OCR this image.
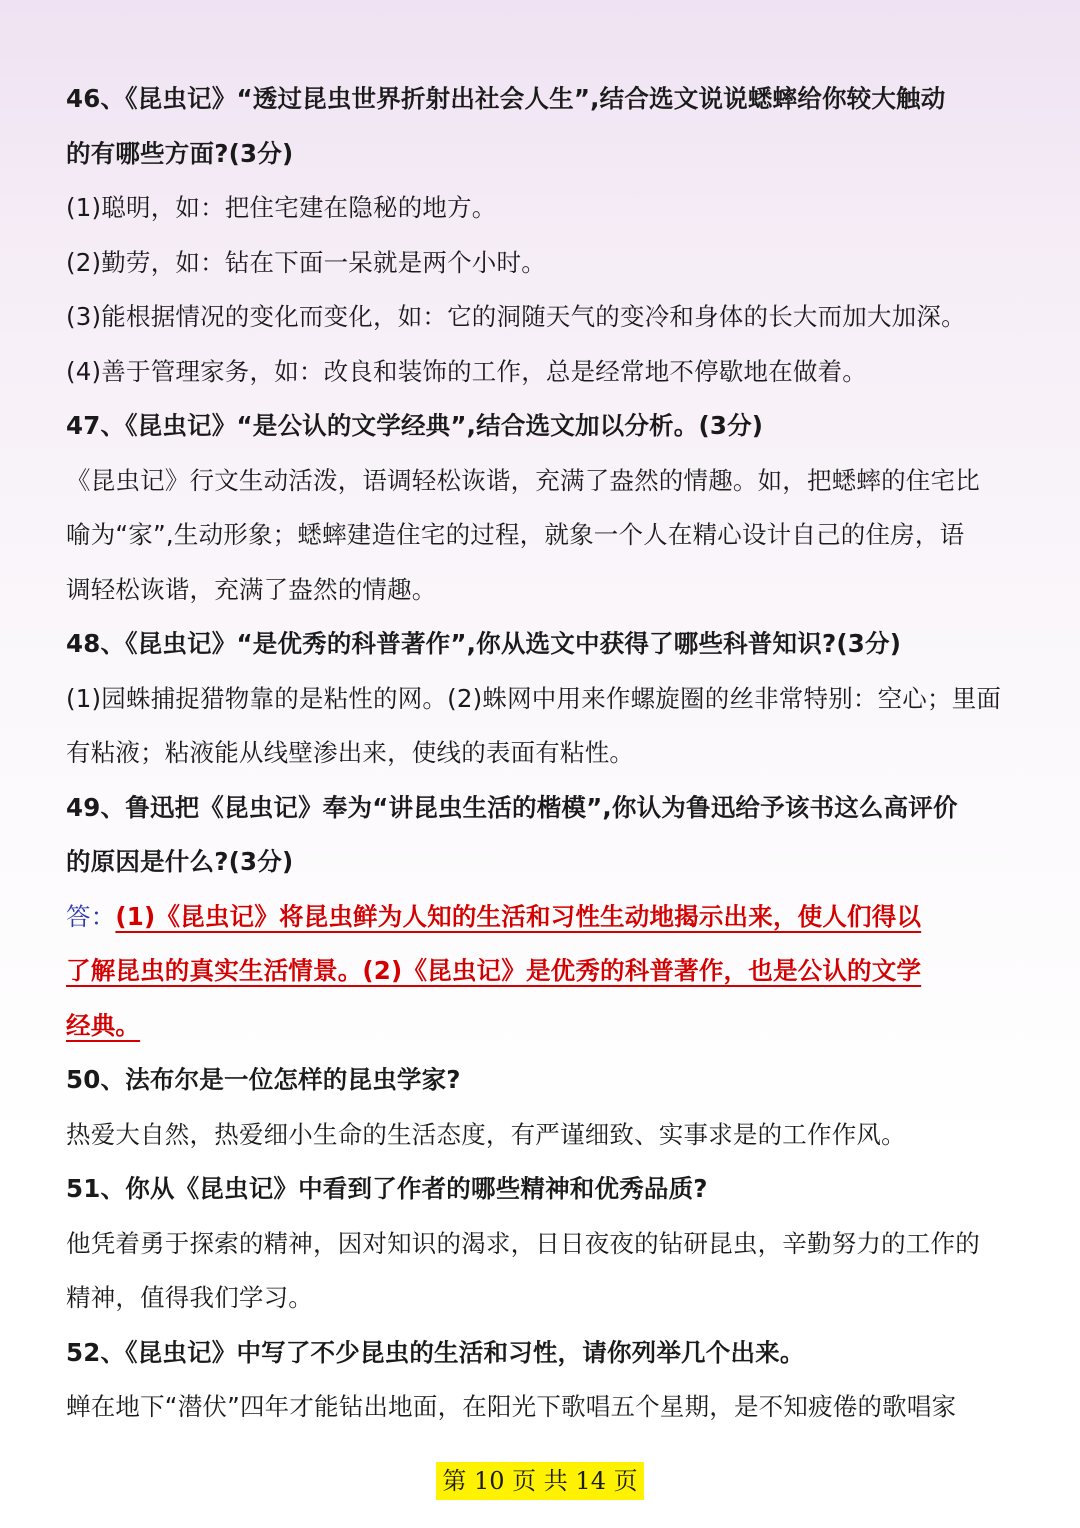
46、《昆虫记》“透过昆虫世界折射出社会人生”,结合选文说说蟋蟀给你较大触动
的有哪些方面?(3分)
(1)聪明，如：把住宅建在隐秘的地方。
(2)勤劳，如：钻在下面一呆就是两个小时。
(3)能根据情况的变化而变化，如：它的洞随天气的变冷和身体的长大而加大加深。
(4)善于管理家务，如：改良和装饰的工作，总是经常地不停歇地在做着。
47、《昆虫记》“是公认的文学经典”,结合选文加以分析。(3分)
《昆虫记》行文生动活泼，语调轻松诙谐，充满了盎然的情趣。如，把蟋蟀的住宅比
喻为“家”,生动形象；蟋蟀建造住宅的过程，就象一个人在精心设计自己的住房，语
调轻松诙谐，充满了盎然的情趣。
48、《昆虫记》“是优秀的科普著作”,你从选文中获得了哪些科普知识?(3分)
(1)园蛛捕捉猎物靠的是粘性的网。(2)蛛网中用来作螺旋圈的丝非常特别：空心；里面
有粘液；粘液能从线壁渗出来，使线的表面有粘性。
49、鲁迅把《昆虫记》奉为“讲昆虫生活的楷模”,你认为鲁迅给予该书这么高评价
的原因是什么?(3分)
答：(1)《昆虫记》将昆虫鲜为人知的生活和习性生动地揭示出来，使人们得以
了解昆虫的真实生活情景。(2)《昆虫记》是优秀的科普著作，也是公认的文学
经典。
50、法布尔是一位怎样的昆虫学家?
热爱大自然，热爱细小生命的生活态度，有严谨细致、实事求是的工作作风。
51、你从《昆虫记》中看到了作者的哪些精神和优秀品质?
他凭着勇于探索的精神，因对知识的渴求，日日夜夜的钻研昆虫，辛勤努力的工作的
精神，值得我们学习。
52、《昆虫记》中写了不少昆虫的生活和习性，请你列举几个出来。
蝉在地下“潜伏”四年才能钻出地面，在阳光下歌唱五个星期，是不知疲倦的歌唱家
第 10 页 共 14 页
